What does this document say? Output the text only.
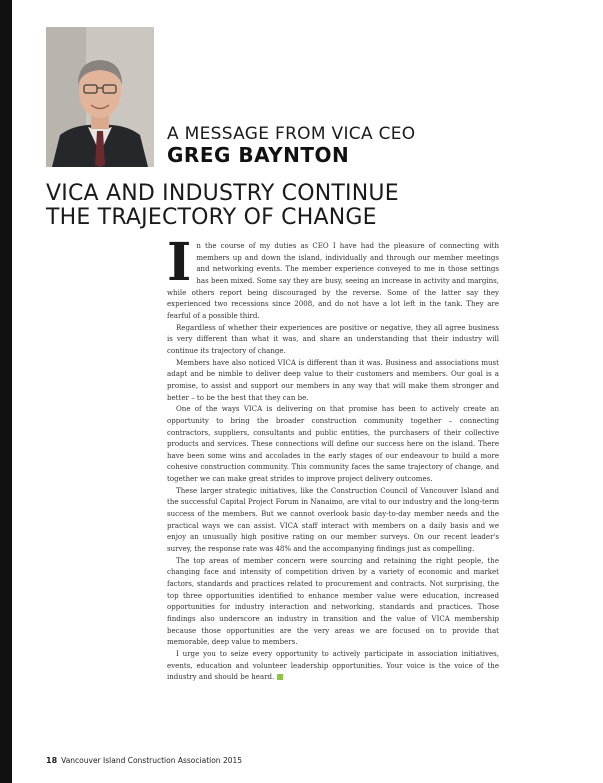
A MESSAGE FROM VICA CEO
GREG BAYNTON
VICA AND INDUSTRY CONTINUE
THE TRAJECTORY OF CHANGE

In the course of my duties as CEO I have had the pleasure of connecting with members up and down the island, individually and through our member meetings and networking events. The member experience conveyed to me in those settings has been mixed. Some say they are busy, seeing an increase in activity and margins, while others report being discouraged by the reverse. Some of the latter say they experienced two recessions since 2008, and do not have a lot left in the tank. They are fearful of a possible third.

Regardless of whether their experiences are positive or negative, they all agree business is very different than what it was, and share an understanding that their industry will continue its trajectory of change.

Members have also noticed VICA is different than it was. Business and associations must adapt and be nimble to deliver deep value to their customers and members. Our goal is a promise, to assist and support our members in any way that will make them stronger and better – to be the best that they can be.

One of the ways VICA is delivering on that promise has been to actively create an opportunity to bring the broader construction community together – connecting contractors, suppliers, consultants and public entities, the purchasers of their collective products and services. These connections will define our success here on the island. There have been some wins and accolades in the early stages of our endeavour to build a more cohesive construction community. This community faces the same trajectory of change, and together we can make great strides to improve project delivery outcomes.

These larger strategic initiatives, like the Construction Council of Vancouver Island and the successful Capital Project Forum in Nanaimo, are vital to our industry and the long-term success of the members. But we cannot overlook basic day-to-day member needs and the practical ways we can assist. VICA staff interact with members on a daily basis and we enjoy an unusually high positive rating on our member surveys. On our recent leader's survey, the response rate was 48% and the accompanying findings just as compelling.

The top areas of member concern were sourcing and retaining the right people, the changing face and intensity of competition driven by a variety of economic and market factors, standards and practices related to procurement and contracts. Not surprising, the top three opportunities identified to enhance member value were education, increased opportunities for industry interaction and networking, standards and practices. Those findings also underscore an industry in transition and the value of VICA membership because those opportunities are the very areas we are focused on to provide that memorable, deep value to members.

I urge you to seize every opportunity to actively participate in association initiatives, events, education and volunteer leadership opportunities. Your voice is the voice of the industry and should be heard.

18 Vancouver Island Construction Association 2015
